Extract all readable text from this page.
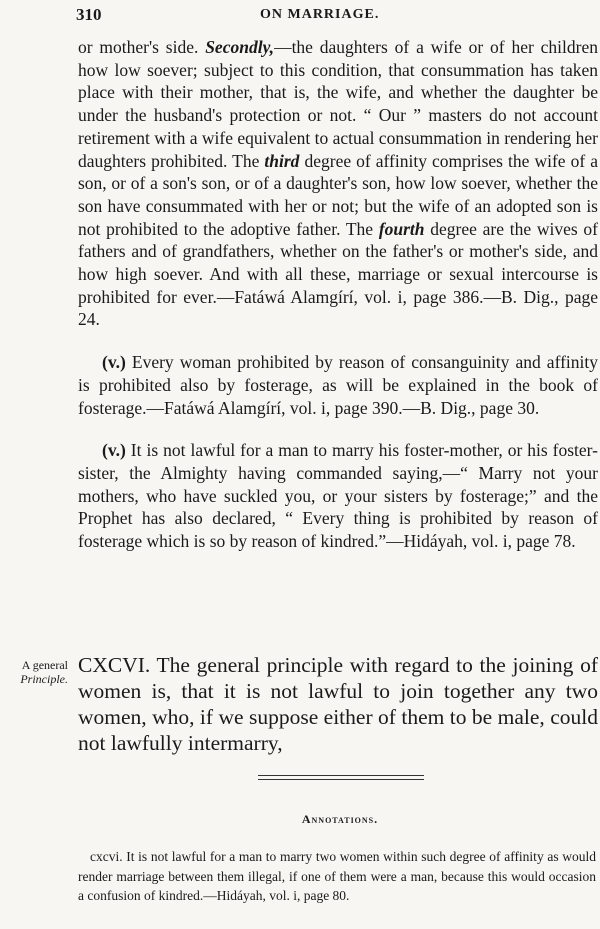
310	ON MARRIAGE.

or mother's side. Secondly,—the daughters of a wife or of her children how low soever; subject to this condition, that consummation has taken place with their mother, that is, the wife, and whether the daughter be under the husband's protection or not. “ Our ” masters do not account retirement with a wife equivalent to actual consummation in rendering her daughters prohibited. The third degree of affinity comprises the wife of a son, or of a son's son, or of a daughter's son, how low soever, whether the son have consummated with her or not; but the wife of an adopted son is not prohibited to the adoptive father. The fourth degree are the wives of fathers and of grandfathers, whether on the father's or mother's side, and how high soever. And with all these, marriage or sexual intercourse is prohibited for ever.—Fatáwá Alamgírí, vol. i, page 386.—B. Dig., page 24.

(v.) Every woman prohibited by reason of consanguinity and affinity is prohibited also by fosterage, as will be explained in the book of fosterage.—Fatáwá Alamgírí, vol. i, page 390.—B. Dig., page 30.

(v.) It is not lawful for a man to marry his foster-mother, or his foster-sister, the Almighty having commanded saying,—“ Marry not your mothers, who have suckled you, or your sisters by fosterage;” and the Prophet has also declared, “ Every thing is prohibited by reason of fosterage which is so by reason of kindred.”—Hidáyah, vol. i, page 78.

A general
Principle.

CXCVI. The general principle with regard to the joining of women is, that it is not lawful to join together any two women, who, if we suppose either of them to be male, could not lawfully intermarry,

Annotations.

cxcvi. It is not lawful for a man to marry two women within such degree of affinity as would render marriage between them illegal, if one of them were a man, because this would occasion a confusion of kindred.—Hidáyah, vol. i, page 80.
